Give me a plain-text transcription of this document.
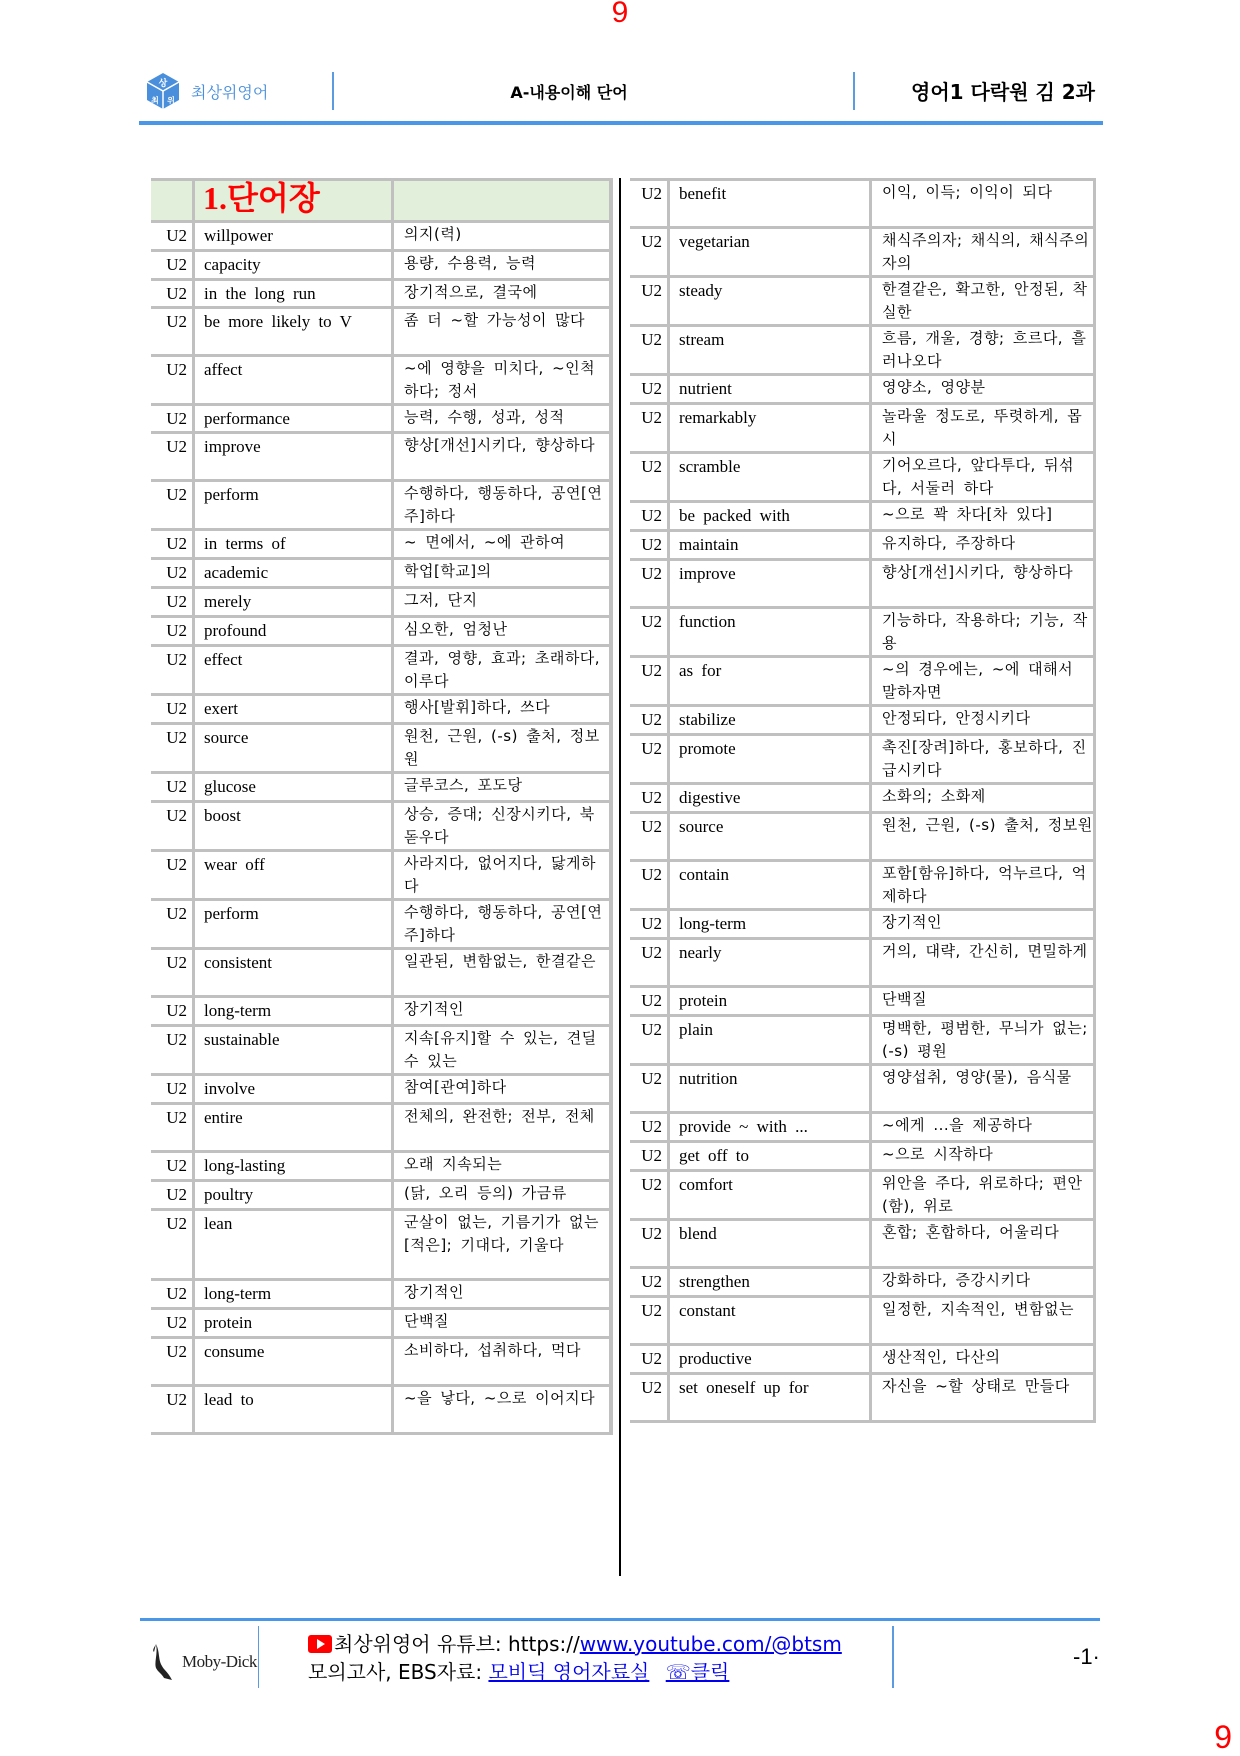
9
상
최 위 최상위영어	A-내용이해 단어	영어1 다락원 김 2과
	1.단어장	
U2	willpower	의지(력)
U2	capacity	용량, 수용력, 능력
U2	in the long run	장기적으로, 결국에
U2	be more likely to V	좀 더 ~할 가능성이 많다
U2	affect	~에 영향을 미치다, ~인척하다; 정서
U2	performance	능력, 수행, 성과, 성적
U2	improve	향상[개선]시키다, 향상하다
U2	perform	수행하다, 행동하다, 공연[연주]하다
U2	in terms of	~ 면에서, ~에 관하여
U2	academic	학업[학교]의
U2	merely	그저, 단지
U2	profound	심오한, 엄청난
U2	effect	결과, 영향, 효과; 초래하다, 이루다
U2	exert	행사[발휘]하다, 쓰다
U2	source	원천, 근원, (-s) 출처, 정보원
U2	glucose	글루코스, 포도당
U2	boost	상승, 증대; 신장시키다, 북돋우다
U2	wear off	사라지다, 없어지다, 닳게하다
U2	perform	수행하다, 행동하다, 공연[연주]하다
U2	consistent	일관된, 변함없는, 한결같은
U2	long-term	장기적인
U2	sustainable	지속[유지]할 수 있는, 견딜 수 있는
U2	involve	참여[관여]하다
U2	entire	전체의, 완전한; 전부, 전체
U2	long-lasting	오래 지속되는
U2	poultry	(닭, 오리 등의) 가금류
U2	lean	군살이 없는, 기름기가 없는[적은]; 기대다, 기울다
U2	long-term	장기적인
U2	protein	단백질
U2	consume	소비하다, 섭취하다, 먹다
U2	lead to	~을 낳다, ~으로 이어지다
U2	benefit	이익, 이득; 이익이 되다
U2	vegetarian	채식주의자; 채식의, 채식주의자의
U2	steady	한결같은, 확고한, 안정된, 착실한
U2	stream	흐름, 개울, 경향; 흐르다, 흘러나오다
U2	nutrient	영양소, 영양분
U2	remarkably	놀라울 정도로, 뚜렷하게, 몹시
U2	scramble	기어오르다, 앞다투다, 뒤섞다, 서둘러 하다
U2	be packed with	~으로 꽉 차다[차 있다]
U2	maintain	유지하다, 주장하다
U2	improve	향상[개선]시키다, 향상하다
U2	function	기능하다, 작용하다; 기능, 작용
U2	as for	~의 경우에는, ~에 대해서 말하자면
U2	stabilize	안정되다, 안정시키다
U2	promote	촉진[장려]하다, 홍보하다, 진급시키다
U2	digestive	소화의; 소화제
U2	source	원천, 근원, (-s) 출처, 정보원
U2	contain	포함[함유]하다, 억누르다, 억제하다
U2	long-term	장기적인
U2	nearly	거의, 대략, 간신히, 면밀하게
U2	protein	단백질
U2	plain	명백한, 평범한, 무늬가 없는; (-s) 평원
U2	nutrition	영양섭취, 영양(물), 음식물
U2	provide ~ with ...	~에게 ...을 제공하다
U2	get off to	~으로 시작하다
U2	comfort	위안을 주다, 위로하다; 편안(함), 위로
U2	blend	혼합; 혼합하다, 어울리다
U2	strengthen	강화하다, 증강시키다
U2	constant	일정한, 지속적인, 변함없는
U2	productive	생산적인, 다산의
U2	set oneself up for	자신을 ~할 상태로 만들다
Moby-Dick
최상위영어 유튜브: https://www.youtube.com/@btsm
모의고사, EBS자료: 모비딕 영어자료실 ☏클릭
-1·
9
